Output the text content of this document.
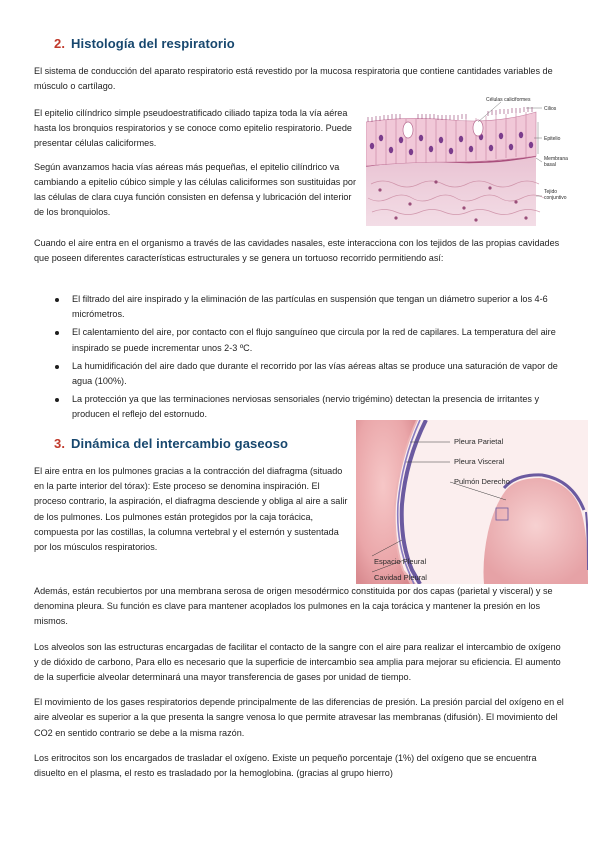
2. Histología del respiratorio

El sistema de conducción del aparato respiratorio está revestido por la mucosa respiratoria que contiene cantidades variables de músculo o cartílago.

El epitelio cilíndrico simple pseudoestratificado ciliado tapiza toda la vía aérea hasta los bronquios respiratorios y se conoce como epitelio respiratorio. Puede presentar células caliciformes.

Según avanzamos hacia vías aéreas más pequeñas, el epitelio cilíndrico va cambiando a epitelio cúbico simple y las células caliciformes son sustituidas por las células de clara cuya función consisten en defensa y lubricación del interior de los bronquiolos.

Células caliciformes
Cilios
Epitelio
Membrana
basal
Tejido
conjuntivo

Cuando el aire entra en el organismo a través de las cavidades nasales, este interacciona con los tejidos de las propias cavidades que poseen diferentes características estructurales y se genera un tortuoso recorrido permitiendo así:

El filtrado del aire inspirado y la eliminación de las partículas en suspensión que tengan un diámetro superior a los 4-6 micrómetros.
El calentamiento del aire, por contacto con el flujo sanguíneo que circula por la red de capilares. La temperatura del aire inspirado se puede incrementar unos 2-3 ºC.
La humidificación del aire dado que durante el recorrido por las vías aéreas altas se produce una saturación de vapor de agua (100%).
La protección ya que las terminaciones nerviosas sensoriales (nervio trigémino) detectan la presencia de irritantes y producen el reflejo del estornudo.
3. Dinámica del intercambio gaseoso

El aire entra en los pulmones gracias a la contracción del diafragma (situado en la parte interior del tórax): Este proceso se denomina inspiración. El proceso contrario, la aspiración, el diafragma desciende y obliga al aire a salir de los pulmones. Los pulmones están protegidos por la caja torácica, compuesta por las costillas, la columna vertebral y el esternón y sustentada por los músculos respiratorios.

Pleura Parietal
Pleura Visceral
Pulmón Derecho
Espacio Pleural
Cavidad Pleural

Además, están recubiertos por una membrana serosa de origen mesodérmico constituida por dos capas (parietal y visceral) y se denomina pleura. Su función es clave para mantener acoplados los pulmones en la caja torácica y mantener la presión en los mismos.

Los alveolos son las estructuras encargadas de facilitar el contacto de la sangre con el aire para realizar el intercambio de oxígeno y de dióxido de carbono, Para ello es necesario que la superficie de intercambio sea amplia para mejorar su eficiencia. El aumento de la superficie alveolar determinará una mayor transferencia de gases por unidad de tiempo.

El movimiento de los gases respiratorios depende principalmente de las diferencias de presión. La presión parcial del oxígeno en el aire alveolar es superior a la que presenta la sangre venosa lo que permite atravesar las membranas (difusión). El movimiento del CO2 en sentido contrario se debe a la misma razón.

Los eritrocitos son los encargados de trasladar el oxígeno. Existe un pequeño porcentaje (1%) del oxígeno que se encuentra disuelto en el plasma, el resto es trasladado por la hemoglobina. (gracias al grupo hierro)
